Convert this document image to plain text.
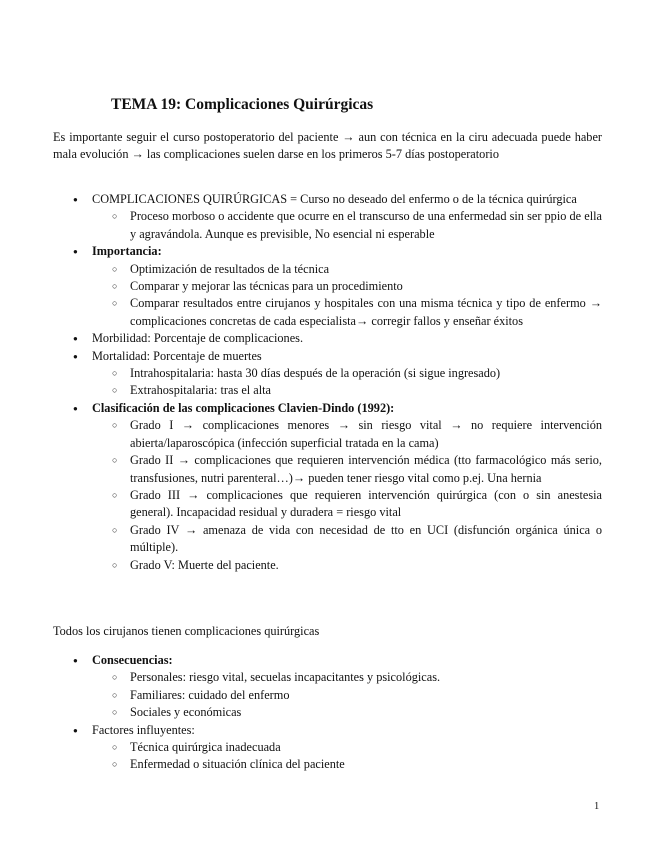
TEMA 19: Complicaciones Quirúrgicas

Es importante seguir el curso postoperatorio del paciente → aun con técnica en la ciru adecuada puede haber mala evolución → las complicaciones suelen darse en los primeros 5-7 días postoperatorio

● COMPLICACIONES QUIRÚRGICAS = Curso no deseado del enfermo o de la técnica quirúrgica
○ Proceso morboso o accidente que ocurre en el transcurso de una enfermedad sin ser ppio de ella y agravándola. Aunque es previsible, No esencial ni esperable
● Importancia:
○ Optimización de resultados de la técnica
○ Comparar y mejorar las técnicas para un procedimiento
○ Comparar resultados entre cirujanos y hospitales con una misma técnica y tipo de enfermo → complicaciones concretas de cada especialista→ corregir fallos y enseñar éxitos
● Morbilidad: Porcentaje de complicaciones.
● Mortalidad: Porcentaje de muertes
○ Intrahospitalaria: hasta 30 días después de la operación (si sigue ingresado)
○ Extrahospitalaria: tras el alta
● Clasificación de las complicaciones Clavien-Dindo (1992):
○ Grado I → complicaciones menores → sin riesgo vital → no requiere intervención abierta/laparoscópica (infección superficial tratada en la cama)
○ Grado II → complicaciones que requieren intervención médica (tto farmacológico más serio, transfusiones, nutri parenteral…)→ pueden tener riesgo vital como p.ej. Una hernia
○ Grado III → complicaciones que requieren intervención quirúrgica (con o sin anestesia general). Incapacidad residual y duradera = riesgo vital
○ Grado IV → amenaza de vida con necesidad de tto en UCI (disfunción orgánica única o múltiple).
○ Grado V: Muerte del paciente.

Todos los cirujanos tienen complicaciones quirúrgicas

● Consecuencias:
○ Personales: riesgo vital, secuelas incapacitantes y psicológicas.
○ Familiares: cuidado del enfermo
○ Sociales y económicas
● Factores influyentes:
○ Técnica quirúrgica inadecuada
○ Enfermedad o situación clínica del paciente
1
